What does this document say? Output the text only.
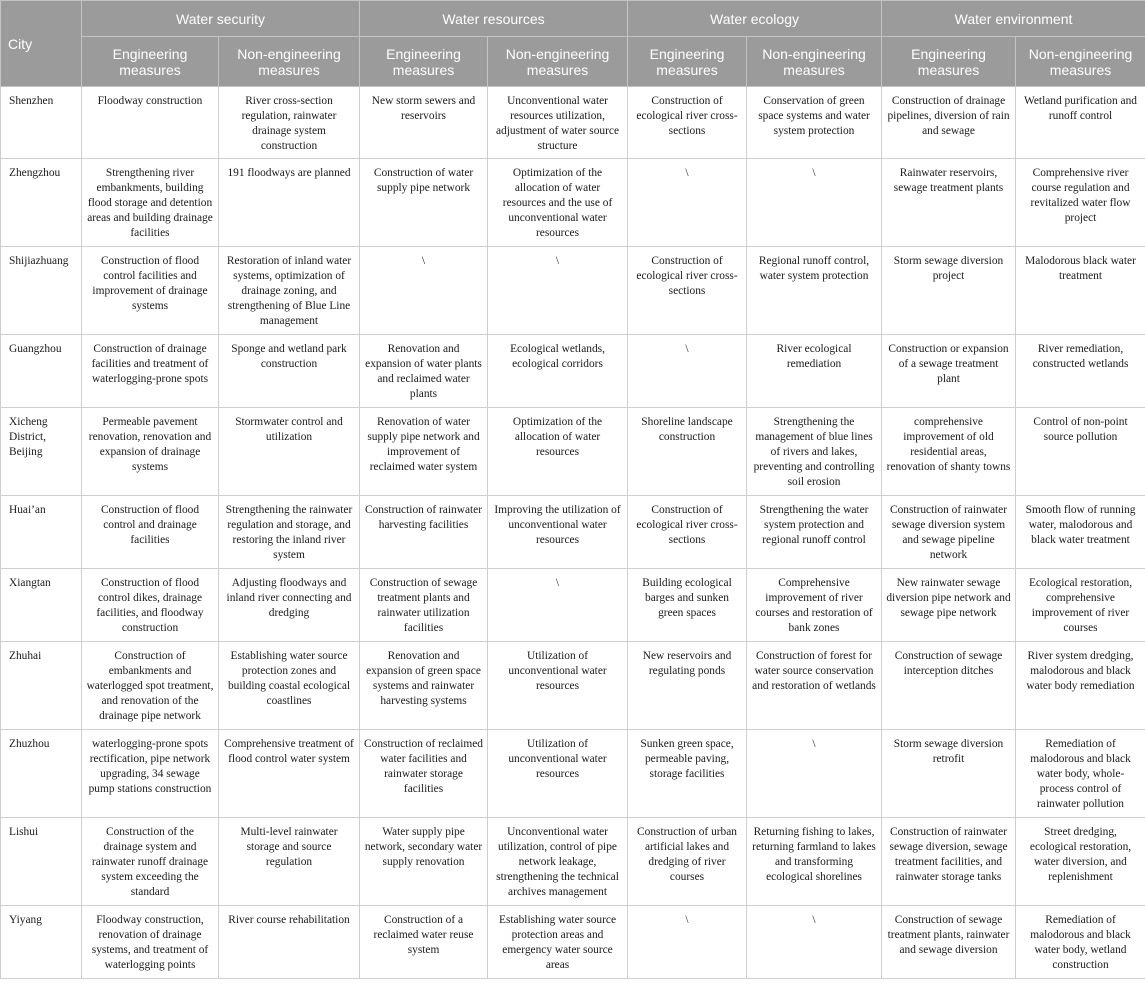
City	Water security		Water resources		Water ecology		Water environment	
	Engineering measures	Non-engineering measures	Engineering measures	Non-engineering measures	Engineering measures	Non-engineering measures	Engineering measures	Non-engineering measures
Shenzhen	Floodway construction	River cross-section regulation, rainwater drainage system construction	New storm sewers and reservoirs	Unconventional water resources utilization, adjustment of water source structure	Construction of ecological river cross-sections	Conservation of green space systems and water system protection	Construction of drainage pipelines, diversion of rain and sewage	Wetland purification and runoff control
Zhengzhou	Strengthening river embankments, building flood storage and detention areas and building drainage facilities	191 floodways are planned	Construction of water supply pipe network	Optimization of the allocation of water resources and the use of unconventional water resources	\	\	Rainwater reservoirs, sewage treatment plants	Comprehensive river course regulation and revitalized water flow project
Shijiazhuang	Construction of flood control facilities and improvement of drainage systems	Restoration of inland water systems, optimization of drainage zoning, and strengthening of Blue Line management	\	\	Construction of ecological river cross-sections	Regional runoff control, water system protection	Storm sewage diversion project	Malodorous black water treatment
Guangzhou	Construction of drainage facilities and treatment of waterlogging-prone spots	Sponge and wetland park construction	Renovation and expansion of water plants and reclaimed water plants	Ecological wetlands, ecological corridors	\	River ecological remediation	Construction or expansion of a sewage treatment plant	River remediation, constructed wetlands
Xicheng District, Beijing	Permeable pavement renovation, renovation and expansion of drainage systems	Stormwater control and utilization	Renovation of water supply pipe network and improvement of reclaimed water system	Optimization of the allocation of water resources	Shoreline landscape construction	Strengthening the management of blue lines of rivers and lakes, preventing and controlling soil erosion	comprehensive improvement of old residential areas, renovation of shanty towns	Control of non-point source pollution
Huai’an	Construction of flood control and drainage facilities	Strengthening the rainwater regulation and storage, and restoring the inland river system	Construction of rainwater harvesting facilities	Improving the utilization of unconventional water resources	Construction of ecological river cross-sections	Strengthening the water system protection and regional runoff control	Construction of rainwater sewage diversion system and sewage pipeline network	Smooth flow of running water, malodorous and black water treatment
Xiangtan	Construction of flood control dikes, drainage facilities, and floodway construction	Adjusting floodways and inland river connecting and dredging	Construction of sewage treatment plants and rainwater utilization facilities	\	Building ecological barges and sunken green spaces	Comprehensive improvement of river courses and restoration of bank zones	New rainwater sewage diversion pipe network and sewage pipe network	Ecological restoration, comprehensive improvement of river courses
Zhuhai	Construction of embankments and waterlogged spot treatment, and renovation of the drainage pipe network	Establishing water source protection zones and building coastal ecological coastlines	Renovation and expansion of green space systems and rainwater harvesting systems	Utilization of unconventional water resources	New reservoirs and regulating ponds	Construction of forest for water source conservation and restoration of wetlands	Construction of sewage interception ditches	River system dredging, malodorous and black water body remediation
Zhuzhou	waterlogging-prone spots rectification, pipe network upgrading, 34 sewage pump stations construction	Comprehensive treatment of flood control water system	Construction of reclaimed water facilities and rainwater storage facilities	Utilization of unconventional water resources	Sunken green space, permeable paving, storage facilities	\	Storm sewage diversion retrofit	Remediation of malodorous and black water body, whole-process control of rainwater pollution
Lishui	Construction of the drainage system and rainwater runoff drainage system exceeding the standard	Multi-level rainwater storage and source regulation	Water supply pipe network, secondary water supply renovation	Unconventional water utilization, control of pipe network leakage, strengthening the technical archives management	Construction of urban artificial lakes and dredging of river courses	Returning fishing to lakes, returning farmland to lakes and transforming ecological shorelines	Construction of rainwater sewage diversion, sewage treatment facilities, and rainwater storage tanks	Street dredging, ecological restoration, water diversion, and replenishment
Yiyang	Floodway construction, renovation of drainage systems, and treatment of waterlogging points	River course rehabilitation	Construction of a reclaimed water reuse system	Establishing water source protection areas and emergency water source areas	\	\	Construction of sewage treatment plants, rainwater and sewage diversion	Remediation of malodorous and black water body, wetland construction
